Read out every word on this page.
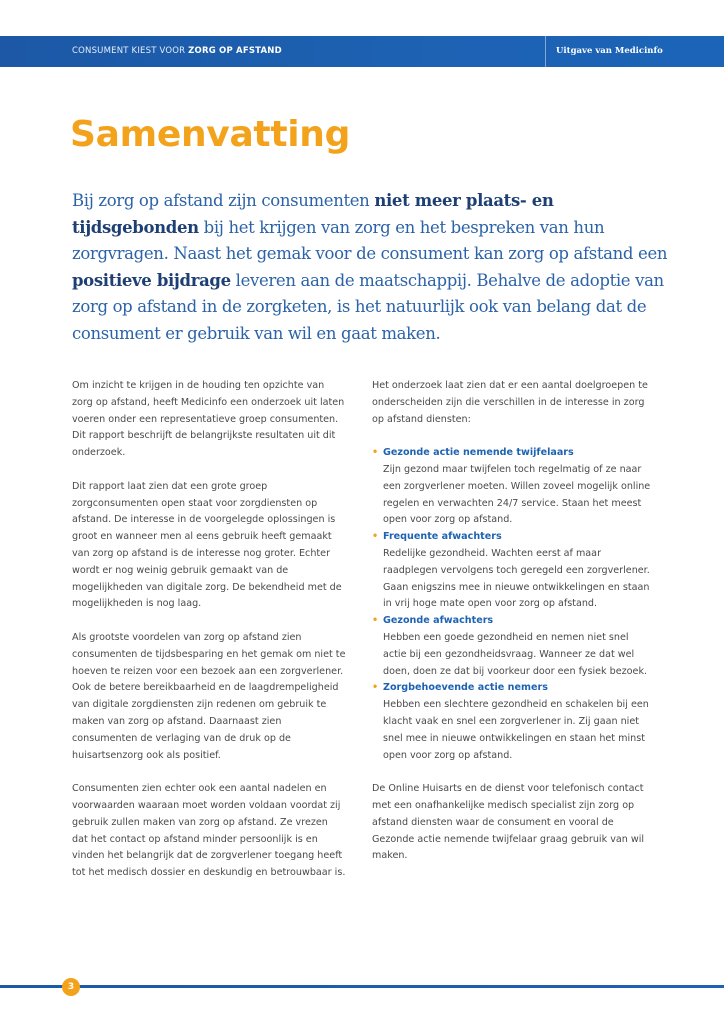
CONSUMENT KIEST VOOR ZORG OP AFSTAND	Uitgave van Medicinfo
Samenvatting
Bij zorg op afstand zijn consumenten niet meer plaats- en tijdsgebonden bij het krijgen van zorg en het bespreken van hun zorgvragen. Naast het gemak voor de consument kan zorg op afstand een positieve bijdrage leveren aan de maatschappij. Behalve de adoptie van zorg op afstand in de zorgketen, is het natuurlijk ook van belang dat de consument er gebruik van wil en gaat maken.

Om inzicht te krijgen in de houding ten opzichte van zorg op afstand, heeft Medicinfo een onderzoek uit laten voeren onder een representatieve groep consumenten. Dit rapport beschrijft de belangrijkste resultaten uit dit onderzoek.

Dit rapport laat zien dat een grote groep zorgconsumenten open staat voor zorgdiensten op afstand. De interesse in de voorgelegde oplossingen is groot en wanneer men al eens gebruik heeft gemaakt van zorg op afstand is de interesse nog groter. Echter wordt er nog weinig gebruik gemaakt van de mogelijkheden van digitale zorg. De bekendheid met de mogelijkheden is nog laag.

Als grootste voordelen van zorg op afstand zien consumenten de tijdsbesparing en het gemak om niet te hoeven te reizen voor een bezoek aan een zorgverlener. Ook de betere bereikbaarheid en de laagdrempeligheid van digitale zorgdiensten zijn redenen om gebruik te maken van zorg op afstand. Daarnaast zien consumenten de verlaging van de druk op de huisartsenzorg ook als positief.

Consumenten zien echter ook een aantal nadelen en voorwaarden waaraan moet worden voldaan voordat zij gebruik zullen maken van zorg op afstand. Ze vrezen dat het contact op afstand minder persoonlijk is en vinden het belangrijk dat de zorgverlener toegang heeft tot het medisch dossier en deskundig en betrouwbaar is.

Het onderzoek laat zien dat er een aantal doelgroepen te onderscheiden zijn die verschillen in de interesse in zorg op afstand diensten:

• Gezonde actie nemende twijfelaars
Zijn gezond maar twijfelen toch regelmatig of ze naar een zorgverlener moeten. Willen zoveel mogelijk online regelen en verwachten 24/7 service. Staan het meest open voor zorg op afstand.
• Frequente afwachters
Redelijke gezondheid. Wachten eerst af maar raadplegen vervolgens toch geregeld een zorgverlener. Gaan enigszins mee in nieuwe ontwikkelingen en staan in vrij hoge mate open voor zorg op afstand.
• Gezonde afwachters
Hebben een goede gezondheid en nemen niet snel actie bij een gezondheidsvraag. Wanneer ze dat wel doen, doen ze dat bij voorkeur door een fysiek bezoek.
• Zorgbehoevende actie nemers
Hebben een slechtere gezondheid en schakelen bij een klacht vaak en snel een zorgverlener in. Zij gaan niet snel mee in nieuwe ontwikkelingen en staan het minst open voor zorg op afstand.

De Online Huisarts en de dienst voor telefonisch contact met een onafhankelijke medisch specialist zijn zorg op afstand diensten waar de consument en vooral de Gezonde actie nemende twijfelaar graag gebruik van wil maken.

3
